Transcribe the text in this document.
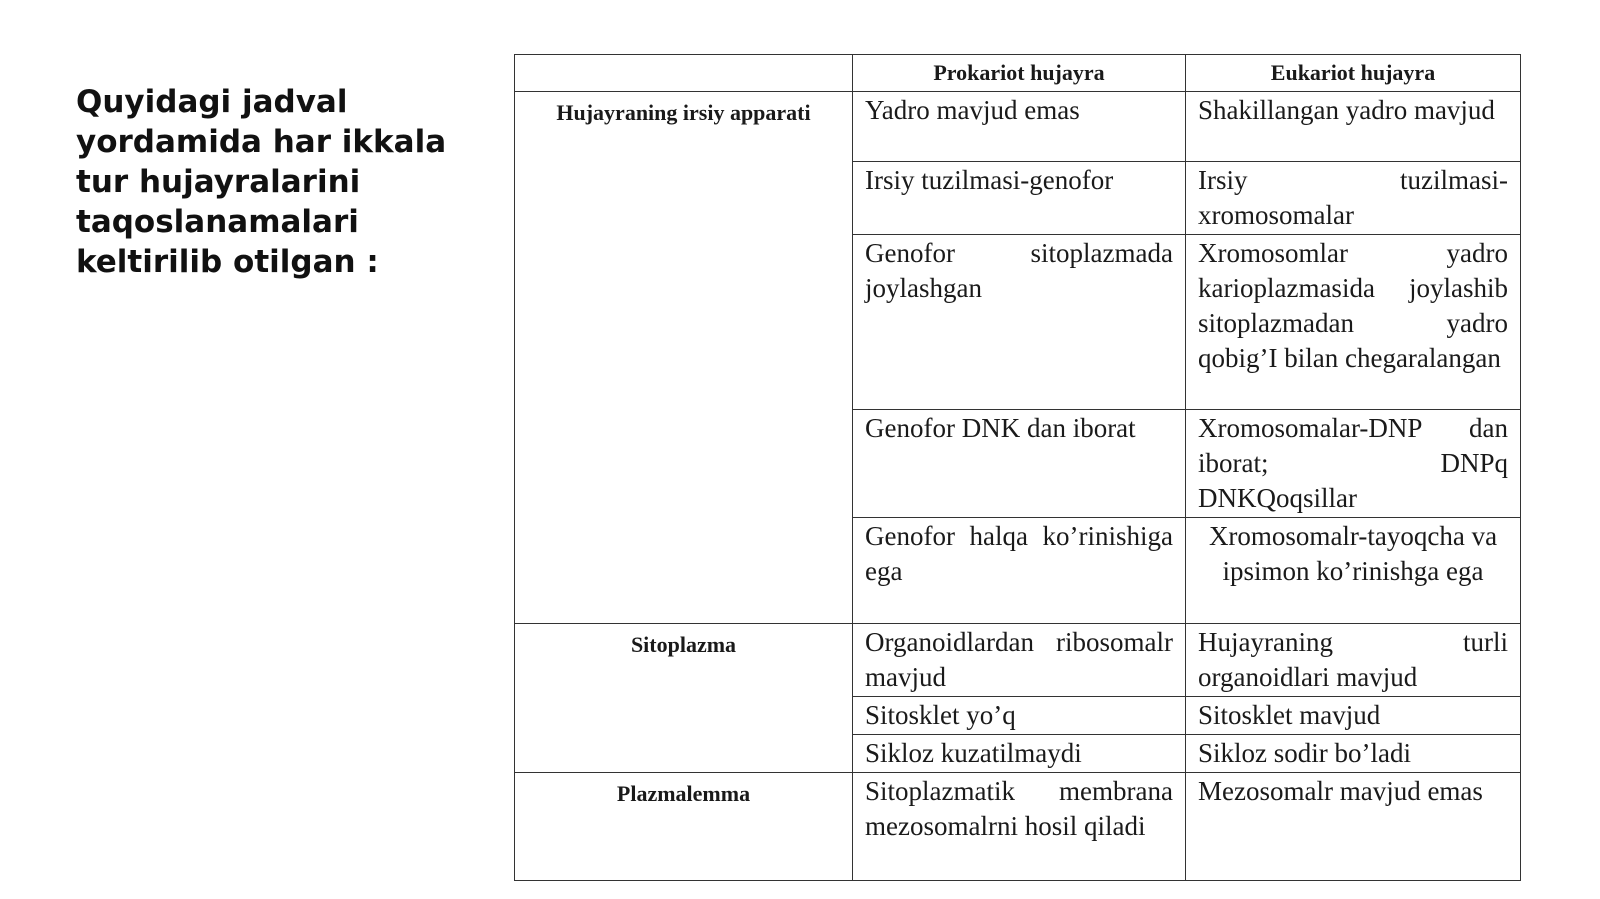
Quyidagi jadval yordamida har ikkala tur hujayralarini taqoslanamalari keltirilib otilgan :

	Prokariot hujayra	Eukariot hujayra
Hujayraning irsiy apparati	Yadro mavjud emas	Shakillangan yadro mavjud
	Irsiy tuzilmasi-genofor	Irsiy tuzilmasi-xromosomalar
	Genofor sitoplazmada joylashgan	Xromosomlar yadro karioplazmasida joylashib sitoplazmadan yadro qobig’I bilan chegaralangan
	Genofor DNK dan iborat	Xromosomalar-DNP dan iborat; DNPq DNKQoqsillar
	Genofor halqa ko’rinishiga ega	Xromosomalr-tayoqcha va ipsimon ko’rinishga ega
Sitoplazma	Organoidlardan ribosomalr mavjud	Hujayraning turli organoidlari mavjud
	Sitosklet yo’q	Sitosklet mavjud
	Sikloz kuzatilmaydi	Sikloz sodir bo’ladi
Plazmalemma	Sitoplazmatik membrana mezosomalrni hosil qiladi	Mezosomalr mavjud emas
